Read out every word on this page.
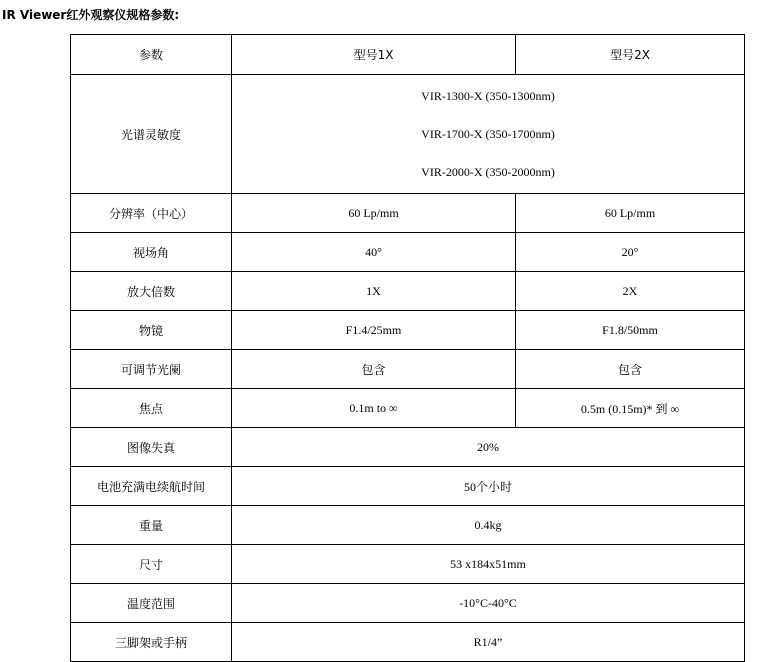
IR Viewer红外观察仪规格参数:
参数	型号1X	型号2X
光谱灵敏度	VIR-1300-X (350-1300nm)
VIR-1700-X (350-1700nm)
VIR-2000-X (350-2000nm)	

分辨率（中心）	60 Lp/mm	60 Lp/mm
视场角	40°	20°
放大倍数	1X	2X
物镜	F1.4/25mm	F1.8/50mm
可调节光阑	包含	包含
焦点	0.1m to ∞	0.5m (0.15m)* 到 ∞
图像失真	20%	
电池充满电续航时间	50个小时	
重量	0.4kg	
尺寸	53 x184x51mm	
温度范围	-10°C-40°C	
三脚架或手柄	R1/4”	
